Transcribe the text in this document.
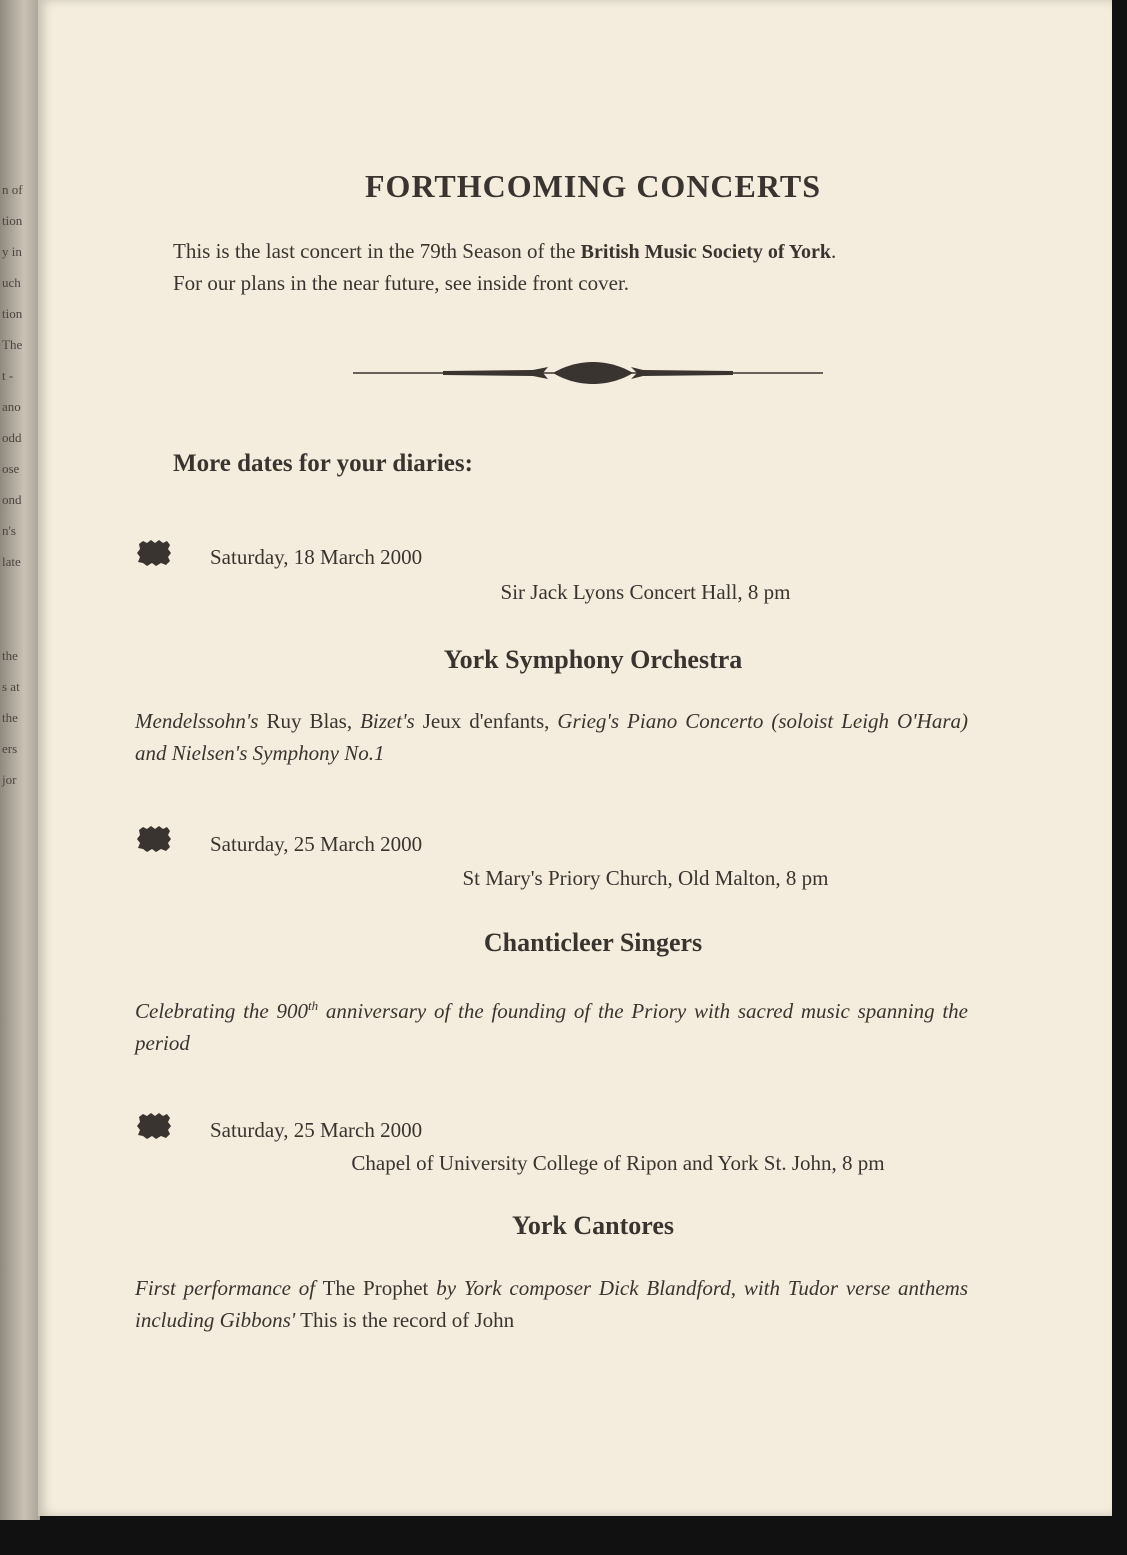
n of
tion
y in
uch
tion
The
t -
ano
odd
ose
ond
n's
late
the
s at
the
ers
jor
FORTHCOMING CONCERTS
This is the last concert in the 79th Season of the British Music Society of York.
For our plans in the near future, see inside front cover.
More dates for your diaries:
Saturday, 18 March 2000
Sir Jack Lyons Concert Hall, 8 pm
York Symphony Orchestra
Mendelssohn's Ruy Blas, Bizet's Jeux d'enfants, Grieg's Piano Concerto (soloist Leigh O'Hara) and Nielsen's Symphony No.1
Saturday, 25 March 2000
St Mary's Priory Church, Old Malton, 8 pm
Chanticleer Singers
Celebrating the 900th anniversary of the founding of the Priory with sacred music spanning the period
Saturday, 25 March 2000
Chapel of University College of Ripon and York St. John, 8 pm
York Cantores
First performance of The Prophet by York composer Dick Blandford, with Tudor verse anthems including Gibbons' This is the record of John
